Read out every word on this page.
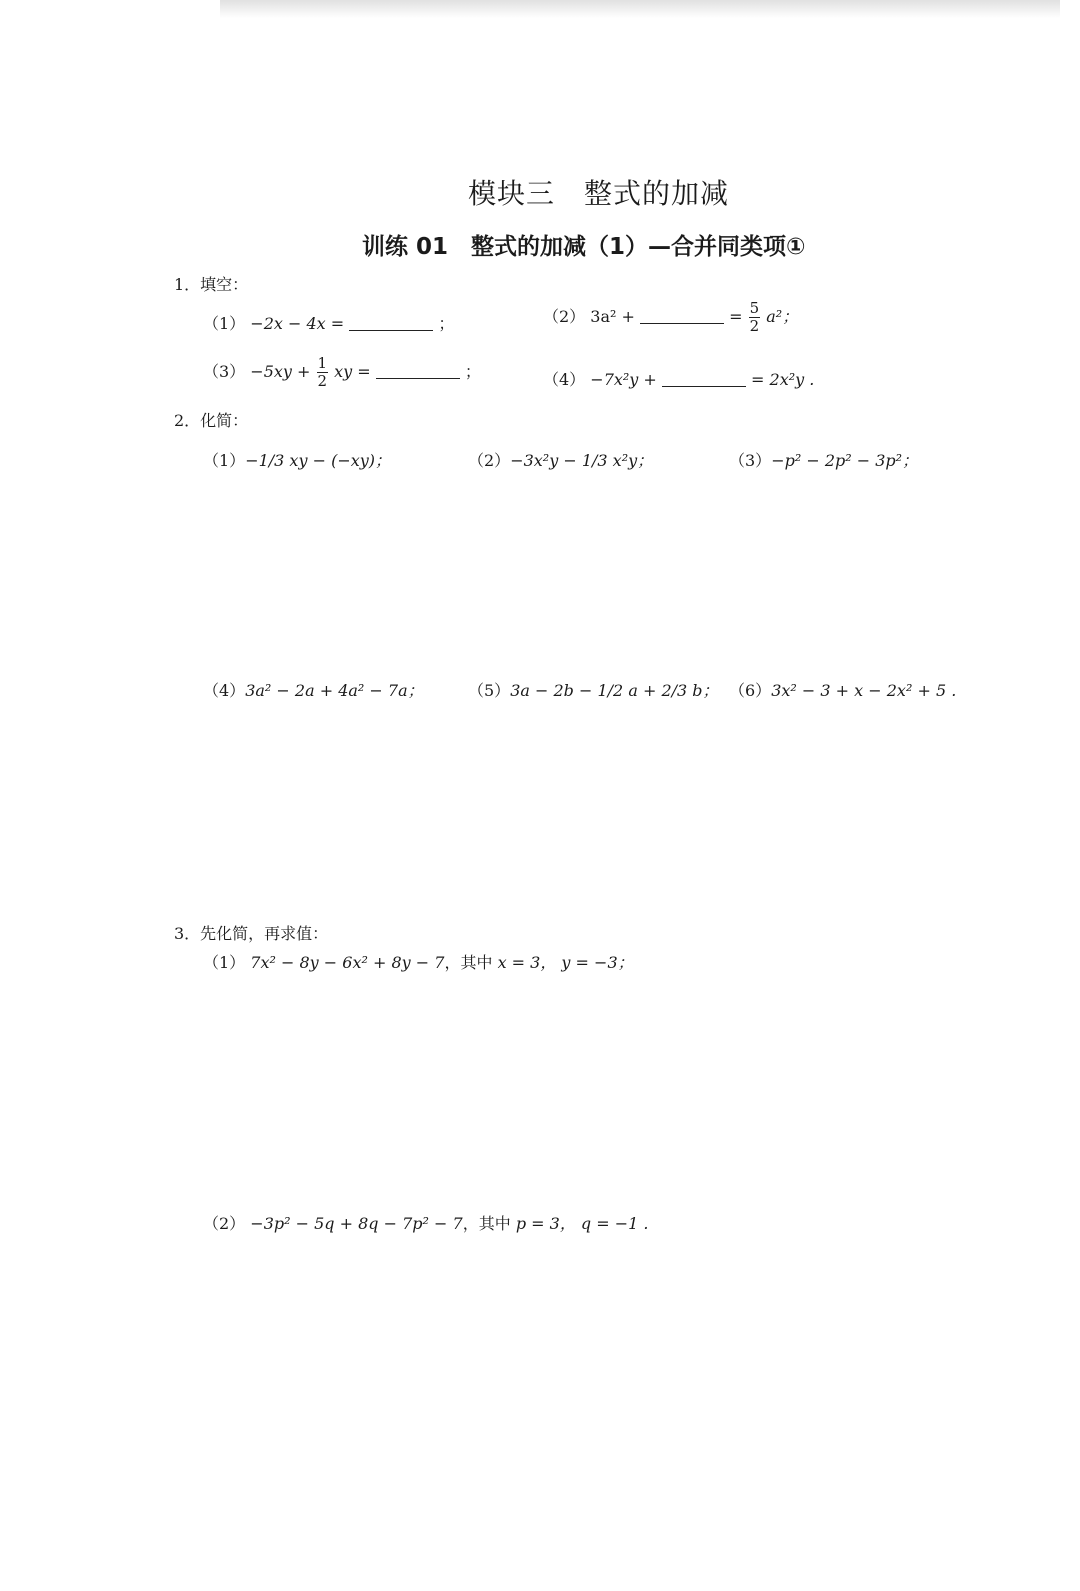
模块三　整式的加减
训练 01　整式的加减（1）—合并同类项①
1．填空：
（1） −2x − 4x =	；	（2） 3a² +	= $\frac{5}{2} a^2$；
$(3) -5xy + \frac{1}{2}$ xy =	；	（4） −7x²y +	= 2x²y .
2．化简：
（1）−1/3 xy − (−xy)；	（2）−3x²y − 1/3 x²y；	（3）−p² − 2p² − 3p²；
（4）3a² − 2a + 4a² − 7a；	（5）3a − 2b − 1/2 a + 2/3 b； （6）3x² − 3 + x − 2x² + 5 .
3．先化简，再求值：
（1） 7x² − 8y − 6x² + 8y − 7，其中 x = 3， y = −3；
（2） −3p² − 5q + 8q − 7p² − 7，其中 p = 3， q = −1 .
